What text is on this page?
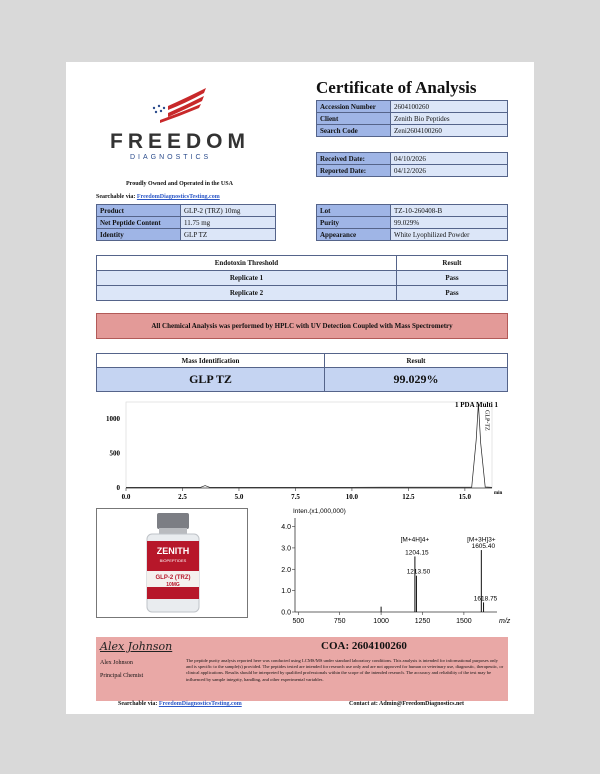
Certificate of Analysis
FREEDOM
DIAGNOSTICS
Proudly Owned and Operated in the USA
Searchable via: FreedomDiagnosticsTesting.com
Accession Number	2604100260
Client	Zenith Bio Peptides
Search Code	Zeni2604100260
Received Date:	04/10/2026
Reported Date:	04/12/2026
Product	GLP-2 (TRZ) 10mg
Net Peptide Content	11.75 mg
Identity	GLP TZ
Lot	TZ-10-260408-B
Purity	99.029%
Appearance	White Lyophilized Powder
Endotoxin Threshold	Result
Replicate 1	Pass
Replicate 2	Pass
All Chemical Analysis was performed by HPLC with UV Detection Coupled with Mass Spectrometry
Mass Identification	Result
GLP TZ	99.029%
0.0	2.5	5.0	7.5	10.0	12.5	15.0
0
500
1000
min
1 PDA Multi 1
GLP-TZ
ZENITH
BIOPEPTIDES
GLP-2 (TRZ)
10MG
Inten.(x1,000,000)
0.0
1.0
2.0
3.0
4.0
500	750	1000	1250	1500	m/z
1204.15
1213.50
1605.40
1618.75
[M+4H]4+	[M+3H]3+
Alex Johnson	COA: 2604100260
Alex Johnson
Principal Chemist
The peptide purity analysis reported here was conducted using LCMS/MS under standard laboratory conditions. This analysis is intended for informational purposes only and is specific to the sample(s) provided. The peptides tested are intended for research use only and are not approved for human or veterinary use, diagnostic, therapeutic, or clinical applications. Results should be interpreted by qualified professionals within the scope of the intended research. The accuracy and reliability of the test may be influenced by sample integrity, handling, and other experimental variables.
Searchable via: FreedomDiagnosticsTesting.com	Contact at: Admin@FreedomDiagnostics.net
